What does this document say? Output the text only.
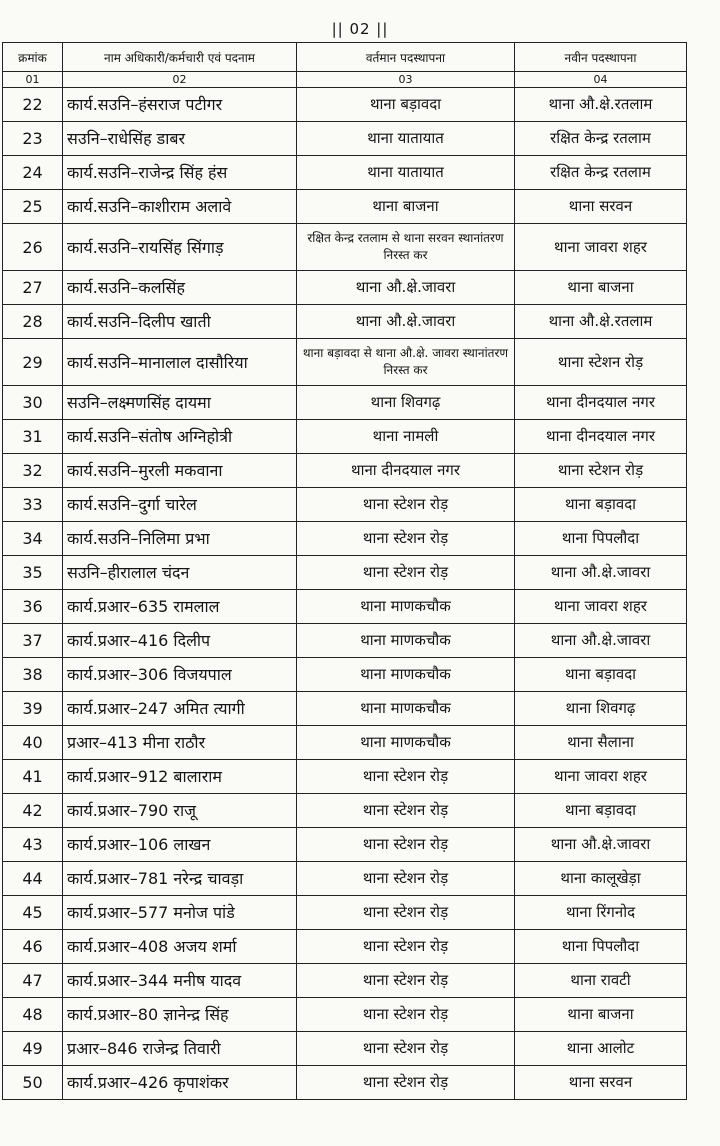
|| 02 ||
क्रमांक	नाम अधिकारी/कर्मचारी एवं पदनाम	वर्तमान पदस्थापना	नवीन पदस्थापना
01	02	03	04
22	कार्य.सउनि–हंसराज पटीगर	थाना बड़ावदा	थाना औ.क्षे.रतलाम
23	सउनि–राधेसिंह डाबर	थाना यातायात	रक्षित केन्द्र रतलाम
24	कार्य.सउनि–राजेन्द्र सिंह हंस	थाना यातायात	रक्षित केन्द्र रतलाम
25	कार्य.सउनि–काशीराम अलावे	थाना बाजना	थाना सरवन
26	कार्य.सउनि–रायसिंह सिंगाड़	रक्षित केन्द्र रतलाम से थाना सरवन स्थानांतरण निरस्त कर	थाना जावरा शहर
27	कार्य.सउनि–कलसिंह	थाना औ.क्षे.जावरा	थाना बाजना
28	कार्य.सउनि–दिलीप खाती	थाना औ.क्षे.जावरा	थाना औ.क्षे.रतलाम
29	कार्य.सउनि–मानालाल दासौरिया	थाना बड़ावदा से थाना औ.क्षे. जावरा स्थानांतरण निरस्त कर	थाना स्टेशन रोड़
30	सउनि–लक्ष्मणसिंह दायमा	थाना शिवगढ़	थाना दीनदयाल नगर
31	कार्य.सउनि–संतोष अग्निहोत्री	थाना नामली	थाना दीनदयाल नगर
32	कार्य.सउनि–मुरली मकवाना	थाना दीनदयाल नगर	थाना स्टेशन रोड़
33	कार्य.सउनि–दुर्गा चारेल	थाना स्टेशन रोड़	थाना बड़ावदा
34	कार्य.सउनि–निलिमा प्रभा	थाना स्टेशन रोड़	थाना पिपलौदा
35	सउनि–हीरालाल चंदन	थाना स्टेशन रोड़	थाना औ.क्षे.जावरा
36	कार्य.प्रआर–635 रामलाल	थाना माणकचौक	थाना जावरा शहर
37	कार्य.प्रआर–416 दिलीप	थाना माणकचौक	थाना औ.क्षे.जावरा
38	कार्य.प्रआर–306 विजयपाल	थाना माणकचौक	थाना बड़ावदा
39	कार्य.प्रआर–247 अमित त्यागी	थाना माणकचौक	थाना शिवगढ़
40	प्रआर–413 मीना राठौर	थाना माणकचौक	थाना सैलाना
41	कार्य.प्रआर–912 बालाराम	थाना स्टेशन रोड़	थाना जावरा शहर
42	कार्य.प्रआर–790 राजू	थाना स्टेशन रोड़	थाना बड़ावदा
43	कार्य.प्रआर–106 लाखन	थाना स्टेशन रोड़	थाना औ.क्षे.जावरा
44	कार्य.प्रआर–781 नरेन्द्र चावड़ा	थाना स्टेशन रोड़	थाना कालूखेड़ा
45	कार्य.प्रआर–577 मनोज पांडे	थाना स्टेशन रोड़	थाना रिंगनोद
46	कार्य.प्रआर–408 अजय शर्मा	थाना स्टेशन रोड़	थाना पिपलौदा
47	कार्य.प्रआर–344 मनीष यादव	थाना स्टेशन रोड़	थाना रावटी
48	कार्य.प्रआर–80 ज्ञानेन्द्र सिंह	थाना स्टेशन रोड़	थाना बाजना
49	प्रआर–846 राजेन्द्र तिवारी	थाना स्टेशन रोड़	थाना आलोट
50	कार्य.प्रआर–426 कृपाशंकर	थाना स्टेशन रोड़	थाना सरवन
